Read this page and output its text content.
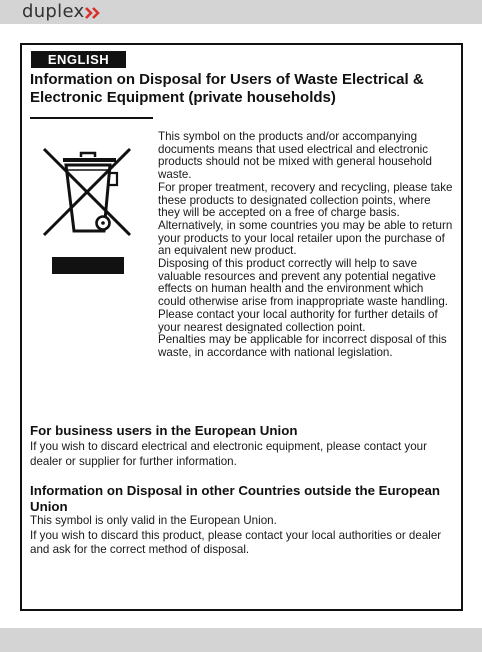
duplex
ENGLISH
Information on Disposal for Users of Waste Electrical & Electronic Equipment (private households)

This symbol on the products and/or accompanying documents means that used electrical and electronic products should not be mixed with general household waste.

For proper treatment, recovery and recycling, please take these products to designated collection points, where they will be accepted on a free of charge basis. Alternatively, in some countries you may be able to return your products to your local retailer upon the purchase of an equivalent new product.

Disposing of this product correctly will help to save valuable resources and prevent any potential negative effects on human health and the environment which could otherwise arise from inappropriate waste handling. Please contact your local authority for further details of your nearest designated collection point.

Penalties may be applicable for incorrect disposal of this waste, in accordance with national legislation.

For business users in the European Union

If you wish to discard electrical and electronic equipment, please contact your dealer or supplier for further information.

Information on Disposal in other Countries outside the European Union

This symbol is only valid in the European Union.

If you wish to discard this product, please contact your local authorities or dealer and ask for the correct method of disposal.
